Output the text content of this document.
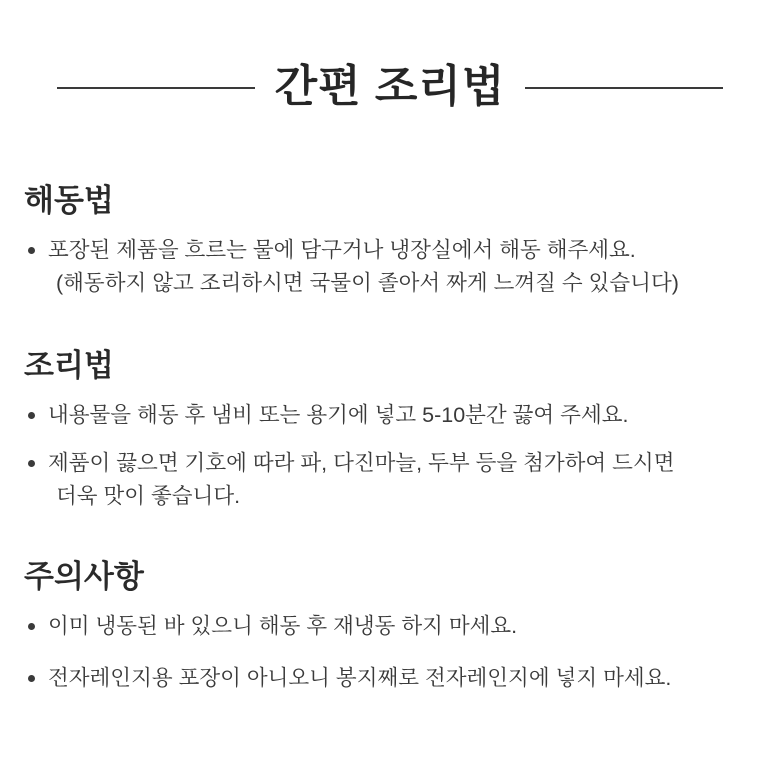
간편 조리법
해동법
포장된 제품을 흐르는 물에 담구거나 냉장실에서 해동 해주세요.
(해동하지 않고 조리하시면 국물이 졸아서 짜게 느껴질 수 있습니다)
조리법
내용물을 해동 후 냄비 또는 용기에 넣고 5-10분간 끓여 주세요.
제품이 끓으면 기호에 따라 파, 다진마늘, 두부 등을 첨가하여 드시면
더욱 맛이 좋습니다.
주의사항
이미 냉동된 바 있으니 해동 후 재냉동 하지 마세요.
전자레인지용 포장이 아니오니 봉지째로 전자레인지에 넣지 마세요.
